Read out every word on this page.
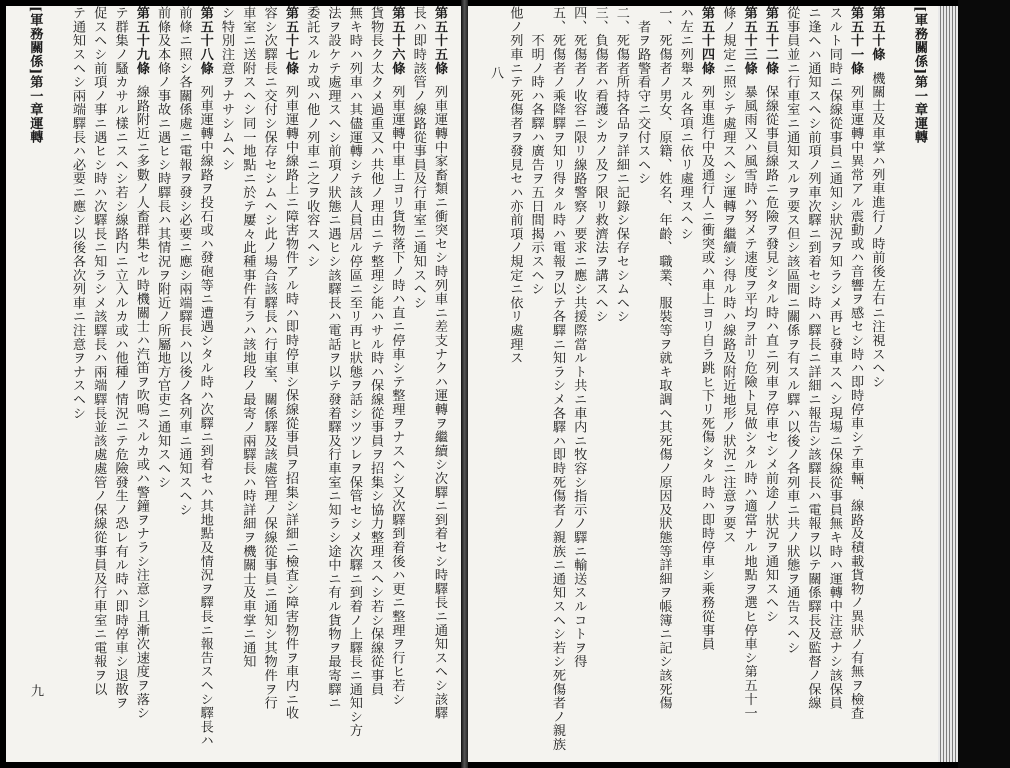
[軍務關係]第一章運轉
第五十條機關士及車掌ハ列車進行ノ時前後左右ニ注視スヘシ
第五十一條列車運轉中異常アル震動或ハ音響ヲ感セシ時ハ即時停車シテ車輛、線路及積載貨物ノ異狀ノ有無ヲ檢査
スルト同時ニ保線從事員ニ通知シ狀況ヲ知ラシメ再ヒ發車スヘシ現場ニ保線從事員無キ時ハ運轉中注意ナシ該保員
ニ逢ヘハ通知スヘシ前項ノ列車次驛ニ到着セシ時ハ驛長ニ詳細ニ報告シ該驛長ハ電報ヲ以テ關係驛長及監督ノ保線
從事員並ニ行車室ニ通知スルヲ要ス但シ該區間ニ關係ヲ有スル驛ハ以後ノ各列車ニ共ノ狀態ヲ通告スヘシ
第五十二條保線從事員線路ニ危險ヲ發見シタル時ハ直ニ列車ヲ停車セシメ前途ノ狀況ヲ通知スヘシ
第五十三條暴風雨又ハ風雪時ハ努メテ速度ヲ平均ヲ計リ危險ト見做シタル時ハ適當ナル地點ヲ選ヒ停車シ第五十一
條ノ規定ニ照シテ處理スヘシ運轉ヲ繼續シ得ル時ハ線路及附近地形ノ狀況ニ注意ヲ要ス
第五十四條列車進行中及通行人ニ衝突或ハ車上ヨリ自ラ跳ヒ下リ死傷シタル時ハ即時停車シ乘務從事員
ハ左ニ列舉スル各項ニ依リ處理スヘシ
一、死傷者ノ男女、原籍、姓名、年齡、職業、服裝等ヲ就キ取調ヘ其死傷ノ原因及狀態等詳細ヲ帳簿ニ記シ該死傷
　者ヲ路警看守ニ交付スヘシ
二、死傷者所持各品ヲ詳細ニ記錄シ保存セシムヘシ
三、負傷者ハ看護シカノ及フ限リ救濟法ヲ講スヘシ
四、死傷者ノ收容ニ限リ線路警察ノ要求ニ應シ共援際當ルト共ニ車内ニ牧容シ指示ノ驛ニ輸送スルコトヲ得
五、死傷者ノ乘降驛ヲ知リ得タル時ハ電報ヲ以テ各驛ニ知ラシメ各驛ハ即時死傷者ノ親族ニ通知スヘシ若シ死傷者ノ親族
　　不明ノ時ハ各驛ハ廣告ヲ五日間揭示スヘシ
他ノ列車ニテ死傷者ヲ發見セハ亦前項ノ規定ニ依リ處理ス
八
第五十五條列車運轉中家畜類ニ衝突セシ時列車ニ差支ナクハ運轉ヲ繼續シ次驛ニ到着セシ時驛長ニ通知スヘシ該驛
長ハ即時該管ノ線路從事員及行車室ニ通知スヘシ
第五十六條列車運轉中車上ヨリ貨物落下ノ時ハ直ニ停車シテ整理ヲナスヘシ又次驛到着後ハ更ニ整理ヲ行ヒ若シ
貨物長ク太クメ過重又ハ共他ノ理由ニテ整理シ能ハサル時ハ保線從事員ヲ招集シ協力整理スヘシ若シ保線從事員
無キ時ハ列車ハ其儘運轉シテ該人員居ル停區ニ至リ再ヒ狀態ヲ話シツツレヲ保管セシメ次驛ニ到着ノ上驛長ニ通知シ方
法ヲ設ケテ處理スヘシ前項ノ狀態ニ遇ヒシ該驛長ハ電話ヲ以テ發着驛及行車室ニ知ラシ途中ニ有ル貨物ヲ最寄驛ニ
委託スルカ或ハ他ノ列車ニ之ヲ收容スヘシ
第五十七條列車運轉中線路上ニ障害物件アル時ハ即時停車シ保線從事員ヲ招集シ詳細ニ檢査シ障害物件ヲ車内ニ收
容シ次驛長ニ交付シ保存セシムヘシ此ノ場合該驛長ハ行車室、關係驛及該處管理ノ保線從事員ニ通知シ其物件ヲ行
車室ニ送附スヘシ同一地點ニ於テ屢々此種事件有ラハ該地段ノ最寄ノ兩驛長ハ時詳細ヲ機關士及車掌ニ通知
シ特別注意ヲナサシムヘシ
第五十八條列車運轉中線路ヲ投石或ハ發砲等ニ遭遇シタル時ハ次驛ニ到着セハ其地點及情況ヲ驛長ニ報告スヘシ驛長ハ
前條ニ照シ各關係處ニ電報ヲ發シ必要ニ應シ兩端驛長ハ以後ノ各列車ニ通知スヘシ
前條及本條ノ事故ニ遇ヒシ時驛長ハ其情況ヲ附近ノ所屬地方官吏ニ通知スヘシ
第五十九條線路附近ニ多數ノ人畜群集セル時機關士ハ汽笛ヲ吹鳴スルカ或ハ警鐘ヲナラシ注意シ且漸次速度ヲ落シ
テ群集ノ騷カサル樣ニスヘシ若シ線路内ニ立入ルカ或ハ他種ノ情況ニテ危險發生ノ恐レ有ル時ハ即時停車シ退散ヲ
促スヘシ前項ノ事ニ遇ヒシ時ハ次驛長ニ知ラシメ該驛長ハ兩端驛長並該處處管ノ保線從事員及行車室ニ電報ヲ以
テ通知スヘシ兩端驛長ハ必要ニ應シ以後各次列車ニ注意ヲナスヘシ
[軍務關係]第一章運轉
九
